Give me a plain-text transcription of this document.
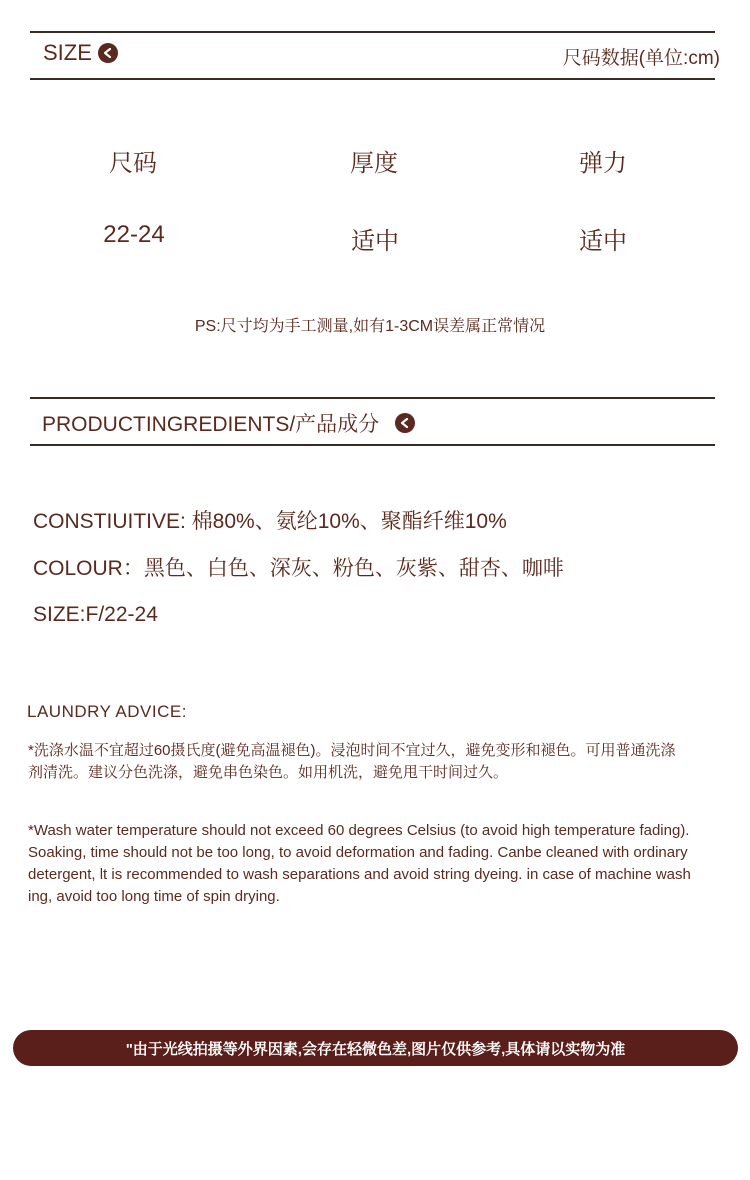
SIZE	尺码数据(单位:cm)
尺码	厚度	弹力
22-24	适中	适中
PS:尺寸均为手工测量,如有1-3CM误差属正常情况
PRODUCTINGREDIENTS/产品成分
CONSTIUITIVE: 棉80%、氨纶10%、聚酯纤维10%
COLOUR：黑色、白色、深灰、粉色、灰紫、甜杏、咖啡
SIZE:F/22-24
LAUNDRY ADVICE:
*洗涤水温不宜超过60摄氏度(避免高温褪色)。浸泡时间不宜过久，避免变形和褪色。可用普通洗涤
剂清洗。建议分色洗涤，避免串色染色。如用机洗，避免甩干时间过久。
*Wash water temperature should not exceed 60 degrees Celsius (to avoid high temperature fading).
Soaking, time should not be too long, to avoid deformation and fading. Canbe cleaned with ordinary
detergent, lt is recommended to wash separations and avoid string dyeing. in case of machine wash
ing, avoid too long time of spin drying.
"由于光线拍摄等外界因素,会存在轻微色差,图片仅供参考,具体请以实物为准
